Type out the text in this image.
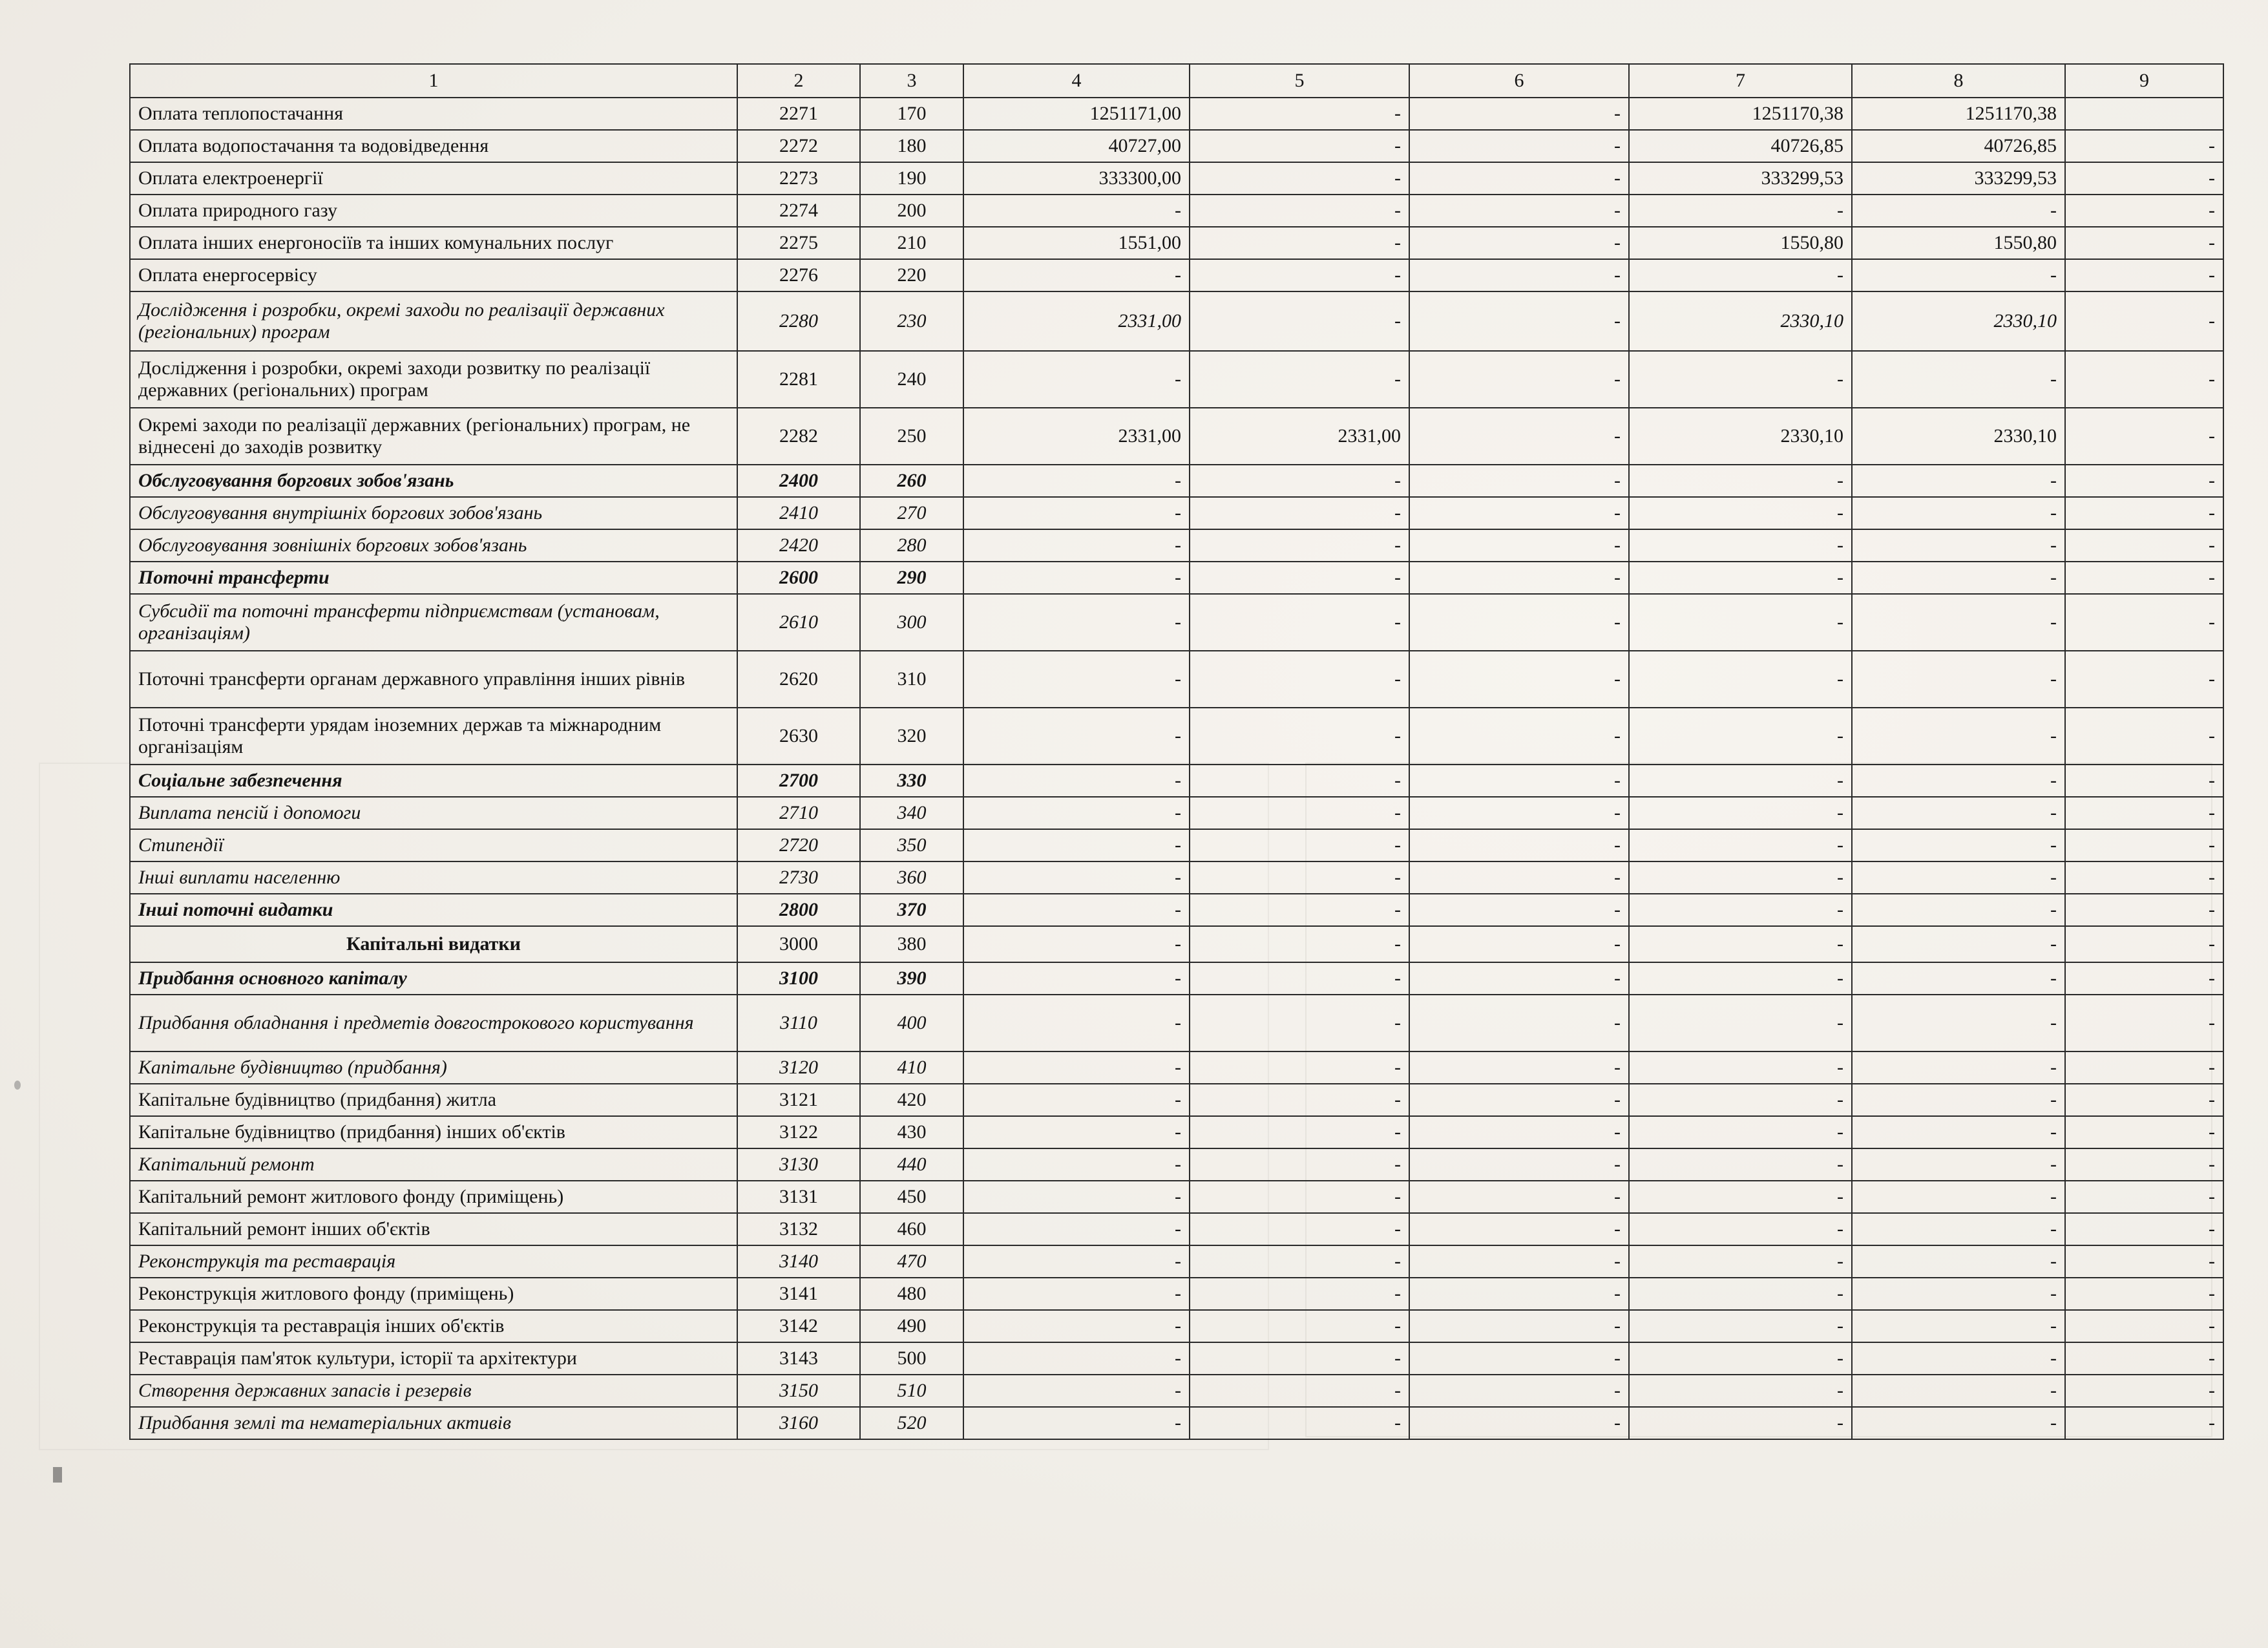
1	2	3	4	5	6	7	8	9
Оплата теплопостачання	2271	170	1251171,00	-	-	1251170,38	1251170,38	
Оплата водопостачання та водовідведення	2272	180	40727,00	-	-	40726,85	40726,85	-
Оплата електроенергії	2273	190	333300,00	-	-	333299,53	333299,53	-
Оплата природного газу	2274	200	-	-	-	-	-	-
Оплата інших енергоносіїв та інших комунальних послуг	2275	210	1551,00	-	-	1550,80	1550,80	-
Оплата енергосервісу	2276	220	-	-	-	-	-	-
Дослідження і розробки, окремі заходи по реалізації державних (регіональних) програм	2280	230	2331,00	-	-	2330,10	2330,10	-
Дослідження і розробки, окремі заходи розвитку по реалізації державних (регіональних) програм	2281	240	-	-	-	-	-	-
Окремі заходи по реалізації державних (регіональних) програм, не віднесені до заходів розвитку	2282	250	2331,00	2331,00	-	2330,10	2330,10	-
Обслуговування боргових зобов'язань	2400	260	-	-	-	-	-	-
Обслуговування внутрішніх боргових зобов'язань	2410	270	-	-	-	-	-	-
Обслуговування зовнішніх боргових зобов'язань	2420	280	-	-	-	-	-	-
Поточні трансферти	2600	290	-	-	-	-	-	-
Субсидії та поточні трансферти підприємствам (установам, організаціям)	2610	300	-	-	-	-	-	-
Поточні трансферти органам державного управління інших рівнів	2620	310	-	-	-	-	-	-
Поточні трансферти урядам іноземних держав та міжнародним організаціям	2630	320	-	-	-	-	-	-
Соціальне забезпечення	2700	330	-	-	-	-	-	-
Виплата пенсій і допомоги	2710	340	-	-	-	-	-	-
Стипендії	2720	350	-	-	-	-	-	-
Інші виплати населенню	2730	360	-	-	-	-	-	-
Інші поточні видатки	2800	370	-	-	-	-	-	-
Капітальні видатки	3000	380	-	-	-	-	-	-
Придбання основного капіталу	3100	390	-	-	-	-	-	-
Придбання обладнання і предметів довгострокового користування	3110	400	-	-	-	-	-	-
Капітальне будівництво (придбання)	3120	410	-	-	-	-	-	-
Капітальне будівництво (придбання) житла	3121	420	-	-	-	-	-	-
Капітальне будівництво (придбання) інших об'єктів	3122	430	-	-	-	-	-	-
Капітальний ремонт	3130	440	-	-	-	-	-	-
Капітальний ремонт житлового фонду (приміщень)	3131	450	-	-	-	-	-	-
Капітальний ремонт інших об'єктів	3132	460	-	-	-	-	-	-
Реконструкція та реставрація	3140	470	-	-	-	-	-	-
Реконструкція житлового фонду (приміщень)	3141	480	-	-	-	-	-	-
Реконструкція та реставрація інших об'єктів	3142	490	-	-	-	-	-	-
Реставрація пам'яток культури, історії та архітектури	3143	500	-	-	-	-	-	-
Створення державних запасів і резервів	3150	510	-	-	-	-	-	-
Придбання землі та нематеріальних активів	3160	520	-	-	-	-	-	-
